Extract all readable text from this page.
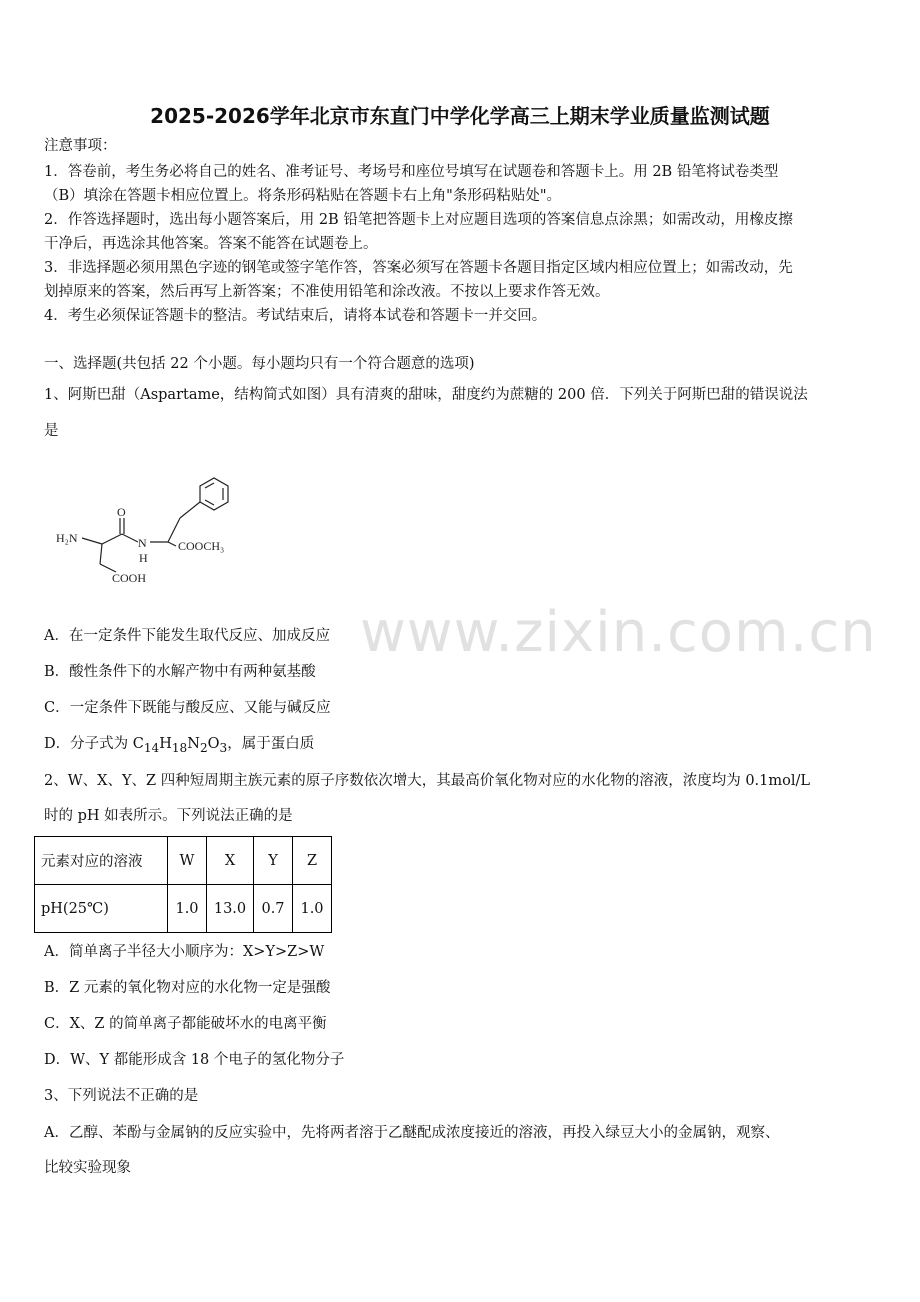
2025-2026学年北京市东直门中学化学高三上期末学业质量监测试题
注意事项：
1．答卷前，考生务必将自己的姓名、准考证号、考场号和座位号填写在试题卷和答题卡上。用 2B 铅笔将试卷类型
（B）填涂在答题卡相应位置上。将条形码粘贴在答题卡右上角"条形码粘贴处"。
2．作答选择题时，选出每小题答案后，用 2B 铅笔把答题卡上对应题目选项的答案信息点涂黑；如需改动，用橡皮擦
干净后，再选涂其他答案。答案不能答在试题卷上。
3．非选择题必须用黑色字迹的钢笔或签字笔作答，答案必须写在答题卡各题目指定区域内相应位置上；如需改动，先
划掉原来的答案，然后再写上新答案；不准使用铅笔和涂改液。不按以上要求作答无效。
4．考生必须保证答题卡的整洁。考试结束后，请将本试卷和答题卡一并交回。
一、选择题(共包括 22 个小题。每小题均只有一个符合题意的选项)
1、阿斯巴甜（Aspartame，结构简式如图）具有清爽的甜味，甜度约为蔗糖的 200 倍．下列关于阿斯巴甜的错误说法
是
H₂N
O
N
H
COOCH₃
COOH
www.zixin.com.cn
A．在一定条件下能发生取代反应、加成反应
B．酸性条件下的水解产物中有两种氨基酸
C．一定条件下既能与酸反应、又能与碱反应
D．分子式为 $C_{14}H_{18}N_2O_3$，属于蛋白质
2、W、X、Y、Z 四种短周期主族元素的原子序数依次增大，其最高价氧化物对应的水化物的溶液，浓度均为 0.1mol/L
时的 pH 如表所示。下列说法正确的是
元素对应的溶液	W	X	Y	Z
pH(25℃)	1.0	13.0	0.7	1.0
A．简单离子半径大小顺序为：X>Y>Z>W
B．Z 元素的氧化物对应的水化物一定是强酸
C．X、Z 的简单离子都能破坏水的电离平衡
D．W、Y 都能形成含 18 个电子的氢化物分子
3、下列说法不正确的是
A．乙醇、苯酚与金属钠的反应实验中，先将两者溶于乙醚配成浓度接近的溶液，再投入绿豆大小的金属钠，观察、
比较实验现象
